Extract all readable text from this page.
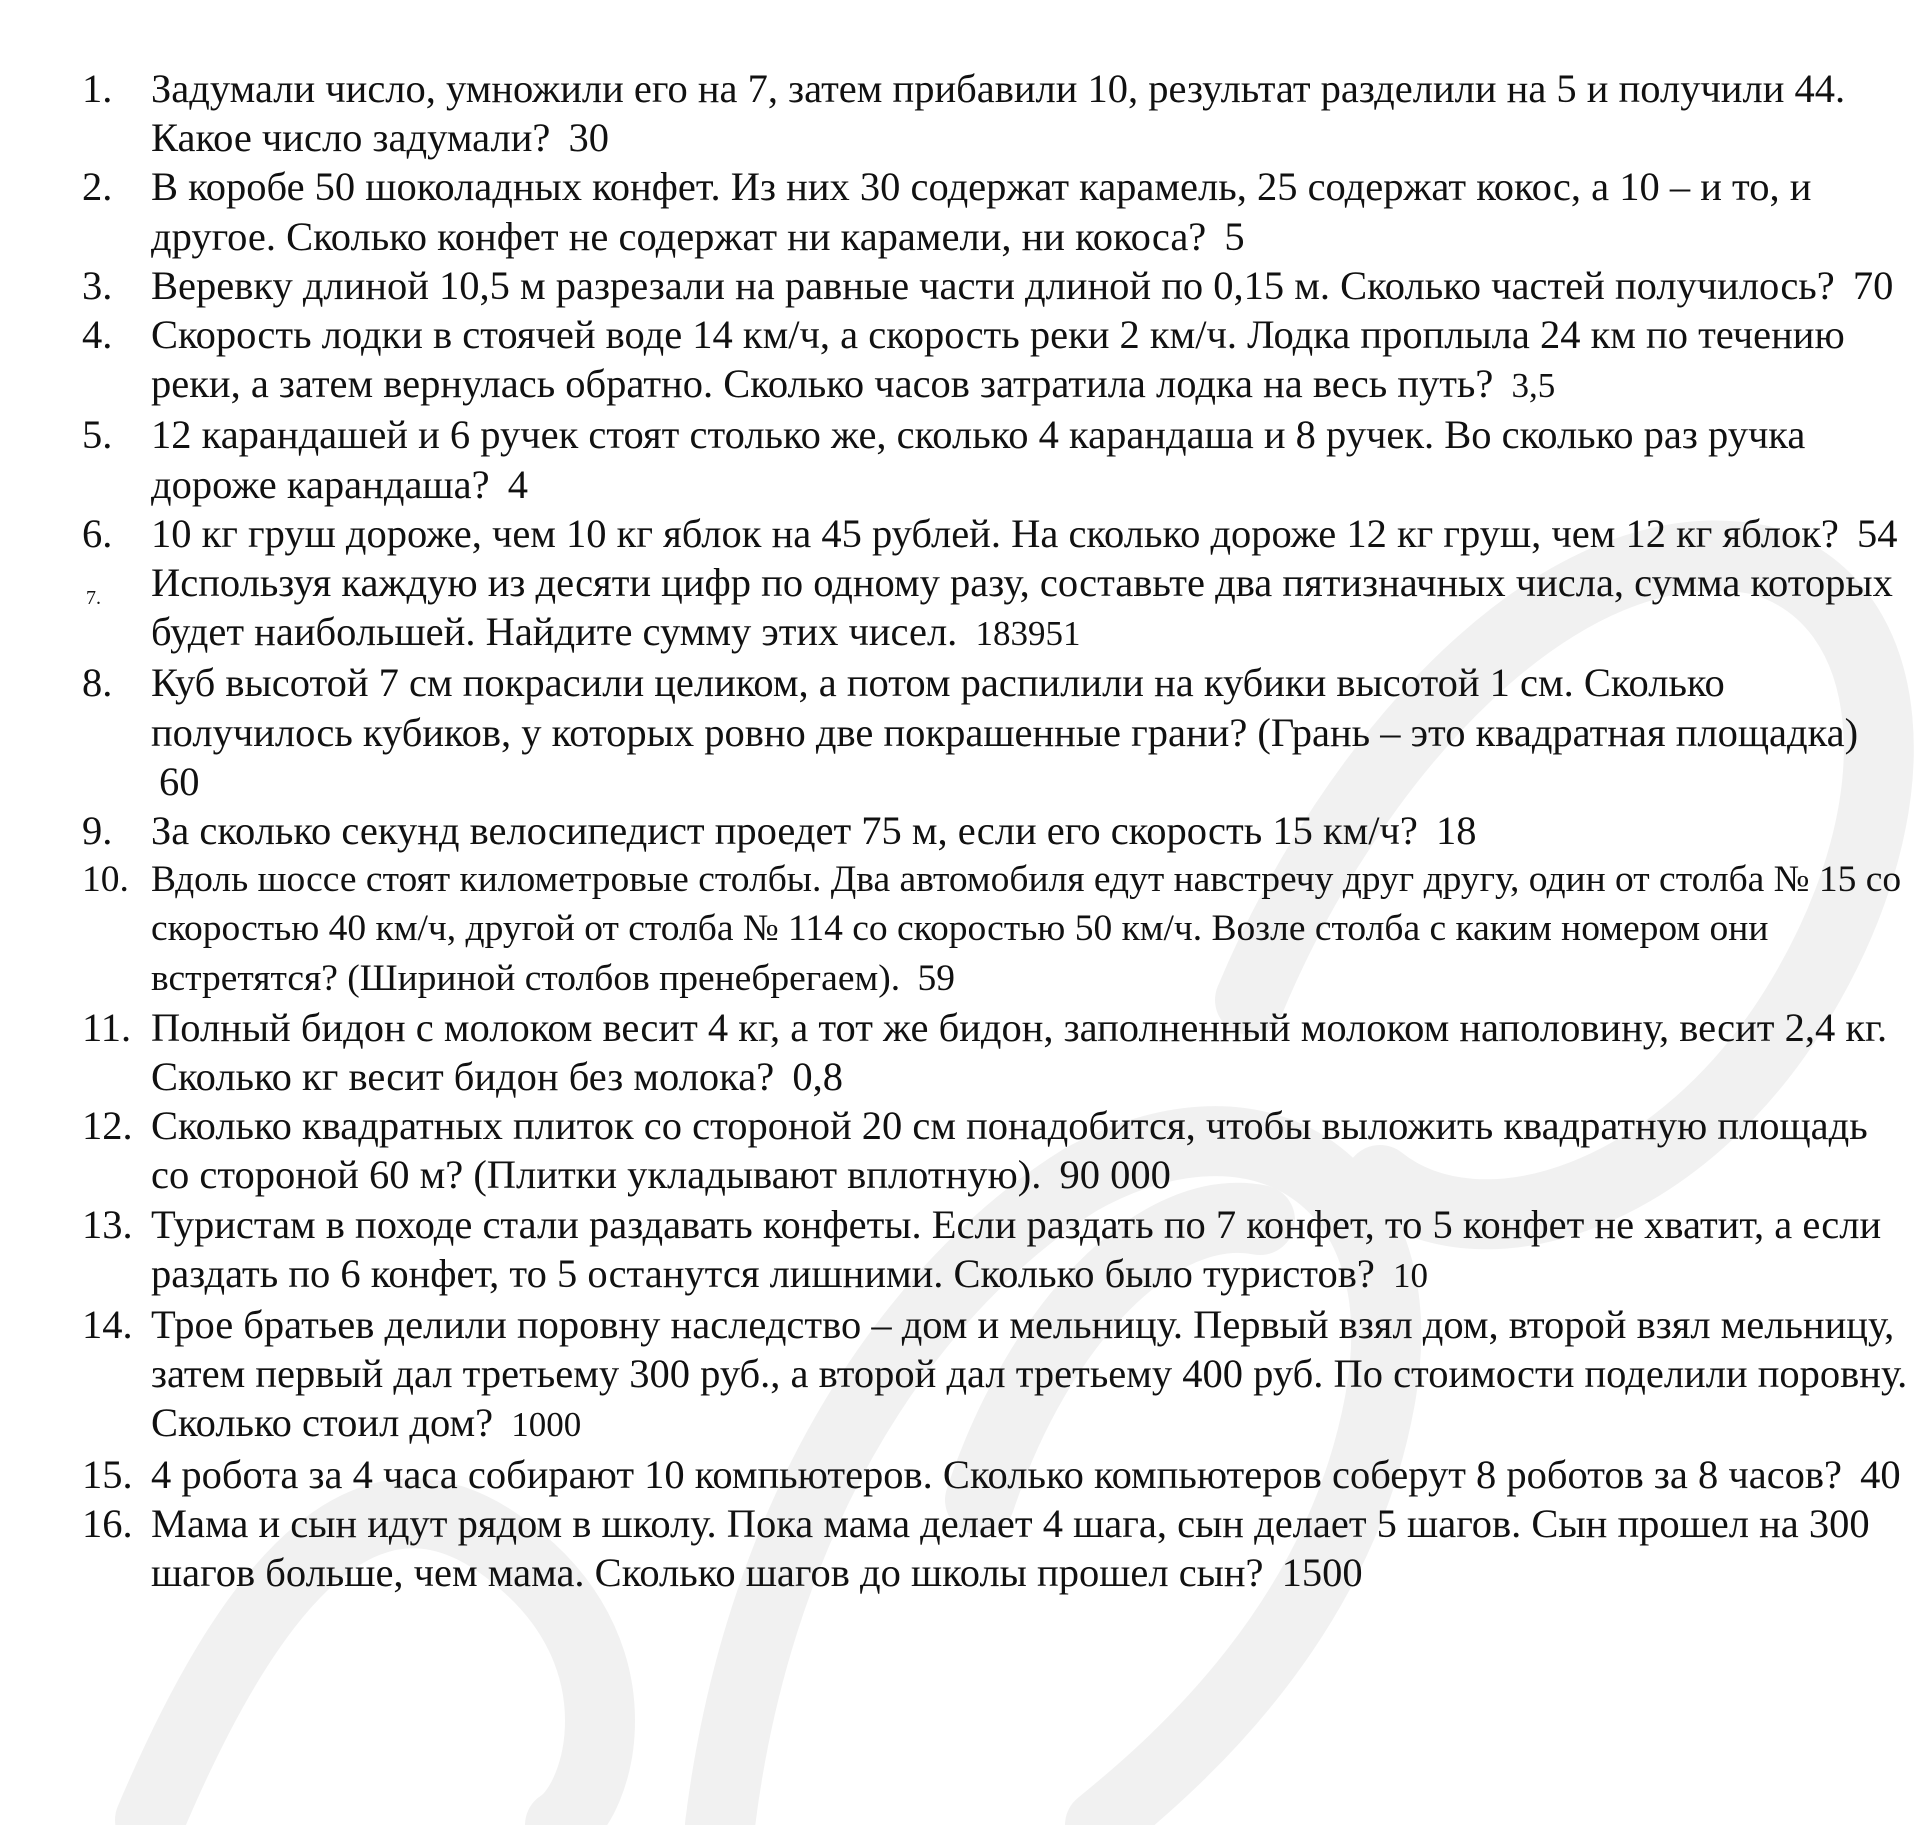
1. Задумали число, умножили его на 7, затем прибавили 10, результат разделили на 5 и получили 44. Какое число задумали? 30
2. В коробе 50 шоколадных конфет. Из них 30 содержат карамель, 25 содержат кокос, а 10 – и то, и другое. Сколько конфет не содержат ни карамели, ни кокоса? 5
3. Веревку длиной 10,5 м разрезали на равные части длиной по 0,15 м. Сколько частей получилось? 70
4. Скорость лодки в стоячей воде 14 км/ч, а скорость реки 2 км/ч. Лодка проплыла 24 км по течению реки, а затем вернулась обратно. Сколько часов затратила лодка на весь путь? 3,5
5. 12 карандашей и 6 ручек стоят столько же, сколько 4 карандаша и 8 ручек. Во сколько раз ручка дороже карандаша? 4
6. 10 кг груш дороже, чем 10 кг яблок на 45 рублей. На сколько дороже 12 кг груш, чем 12 кг яблок? 54
7. Используя каждую из десяти цифр по одному разу, составьте два пятизначных числа, сумма которых будет наибольшей. Найдите сумму этих чисел. 183951
8. Куб высотой 7 см покрасили целиком, а потом распилили на кубики высотой 1 см. Сколько получилось кубиков, у которых ровно две покрашенные грани? (Грань – это квадратная площадка) 60
9. За сколько секунд велосипедист проедет 75 м, если его скорость 15 км/ч? 18
10. Вдоль шоссе стоят километровые столбы. Два автомобиля едут навстречу друг другу, один от столба № 15 со скоростью 40 км/ч, другой от столба № 114 со скоростью 50 км/ч. Возле столба с каким номером они встретятся? (Шириной столбов пренебрегаем). 59
11. Полный бидон с молоком весит 4 кг, а тот же бидон, заполненный молоком наполовину, весит 2,4 кг. Сколько кг весит бидон без молока? 0,8
12. Сколько квадратных плиток со стороной 20 см понадобится, чтобы выложить квадратную площадь со стороной 60 м? (Плитки укладывают вплотную). 90 000
13. Туристам в походе стали раздавать конфеты. Если раздать по 7 конфет, то 5 конфет не хватит, а если раздать по 6 конфет, то 5 останутся лишними. Сколько было туристов? 10
14. Трое братьев делили поровну наследство – дом и мельницу. Первый взял дом, второй взял мельницу, затем первый дал третьему 300 руб., а второй дал третьему 400 руб. По стоимости поделили поровну. Сколько стоил дом? 1000
15. 4 робота за 4 часа собирают 10 компьютеров. Сколько компьютеров соберут 8 роботов за 8 часов? 40
16. Мама и сын идут рядом в школу. Пока мама делает 4 шага, сын делает 5 шагов. Сын прошел на 300 шагов больше, чем мама. Сколько шагов до школы прошел сын? 1500
